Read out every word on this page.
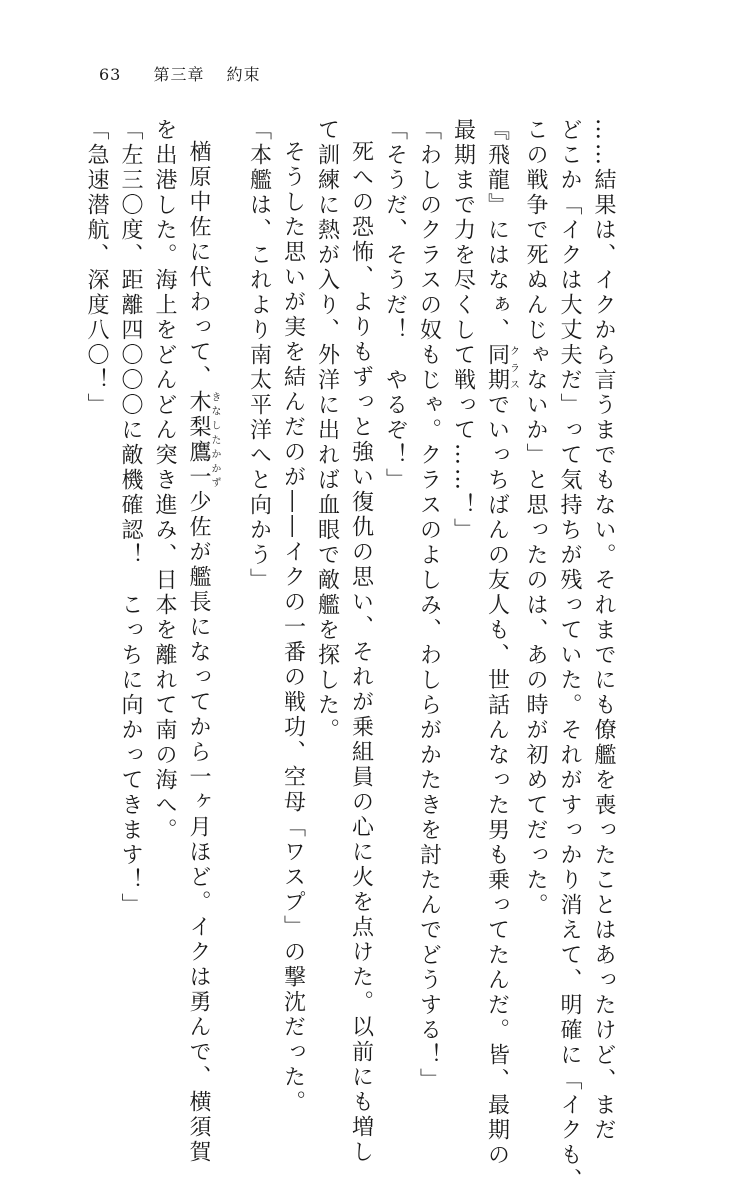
63 第三章 約束

……結果は、イクから言うまでもない。それまでにも僚艦を喪ったことはあったけど、まだ

どこか「イクは大丈夫だ」って気持ちが残っていた。それがすっかり消えて、明確に「イクも、

この戦争で死ぬんじゃないか」と思ったのは、あの時が初めてだった。

『飛龍』にはなぁ、同期クラスでいっちばんの友人も、世話んなった男も乗ってたんだ。皆、最期の

最期まで力を尽くして戦って……！」

「わしのクラスの奴もじゃ。クラスのよしみ、わしらがかたきを討たんでどうする！」

「そうだ、そうだ！　やるぞ！」

死への恐怖、よりもずっと強い復仇の思い、それが乗組員の心に火を点けた。以前にも増し

て訓練に熱が入り、外洋に出れば血眼で敵艦を探した。

そうした思いが実を結んだのが――イクの一番の戦功、空母「ワスプ」の撃沈だった。

「本艦は、これより南太平洋へと向かう」

楢原中佐に代わって、木梨鷹一きなしたかかず少佐が艦長になってから一ヶ月ほど。イクは勇んで、横須賀

を出港した。海上をどんどん突き進み、日本を離れて南の海へ。

「左三〇度、距離四〇〇〇に敵機確認！　こっちに向かってきます！」

「急速潜航、深度八〇！」
